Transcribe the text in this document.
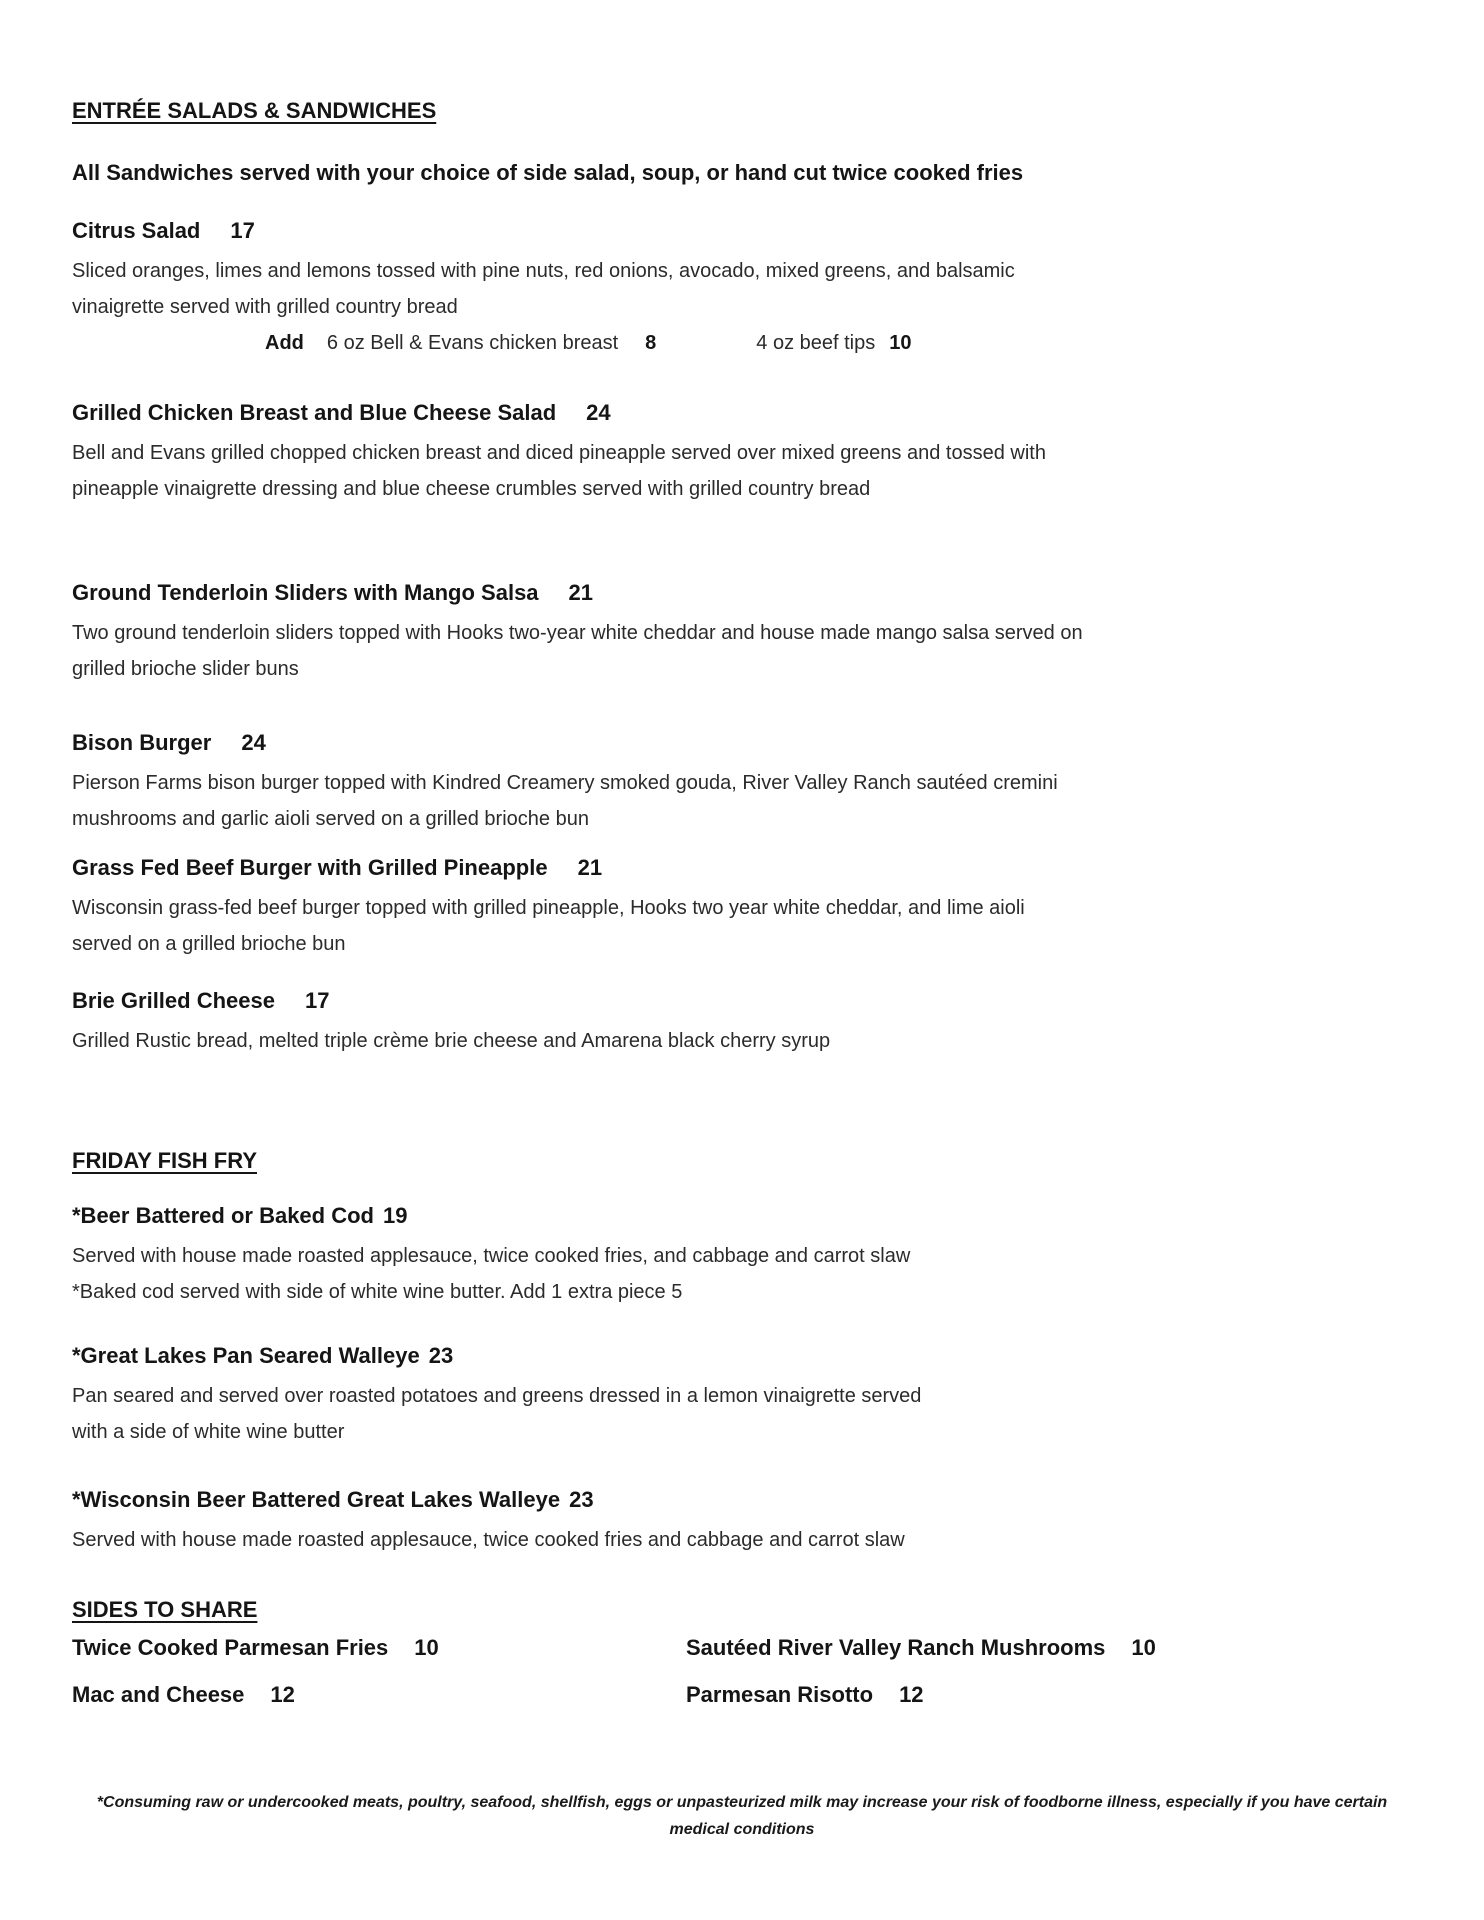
ENTRÉE SALADS & SANDWICHES
All Sandwiches served with your choice of side salad, soup, or hand cut twice cooked fries
Citrus Salad 17
Sliced oranges, limes and lemons tossed with pine nuts, red onions, avocado, mixed greens, and balsamic
vinaigrette served with grilled country bread
Add 6 oz Bell & Evans chicken breast 8	4 oz beef tips 10
Grilled Chicken Breast and Blue Cheese Salad 24
Bell and Evans grilled chopped chicken breast and diced pineapple served over mixed greens and tossed with
pineapple vinaigrette dressing and blue cheese crumbles served with grilled country bread
Ground Tenderloin Sliders with Mango Salsa 21
Two ground tenderloin sliders topped with Hooks two-year white cheddar and house made mango salsa served on
grilled brioche slider buns
Bison Burger 24
Pierson Farms bison burger topped with Kindred Creamery smoked gouda, River Valley Ranch sautéed cremini
mushrooms and garlic aioli served on a grilled brioche bun
Grass Fed Beef Burger with Grilled Pineapple 21
Wisconsin grass-fed beef burger topped with grilled pineapple, Hooks two year white cheddar, and lime aioli
served on a grilled brioche bun
Brie Grilled Cheese 17
Grilled Rustic bread, melted triple crème brie cheese and Amarena black cherry syrup
FRIDAY FISH FRY
*Beer Battered or Baked Cod 19
Served with house made roasted applesauce, twice cooked fries, and cabbage and carrot slaw
*Baked cod served with side of white wine butter. Add 1 extra piece 5
*Great Lakes Pan Seared Walleye 23
Pan seared and served over roasted potatoes and greens dressed in a lemon vinaigrette served
with a side of white wine butter
*Wisconsin Beer Battered Great Lakes Walleye 23
Served with house made roasted applesauce, twice cooked fries and cabbage and carrot slaw
SIDES TO SHARE
Twice Cooked Parmesan Fries 10	Sautéed River Valley Ranch Mushrooms 10
Mac and Cheese 12	Parmesan Risotto 12
*Consuming raw or undercooked meats, poultry, seafood, shellfish, eggs or unpasteurized milk may increase your risk of foodborne illness, especially if you have certain
medical conditions
